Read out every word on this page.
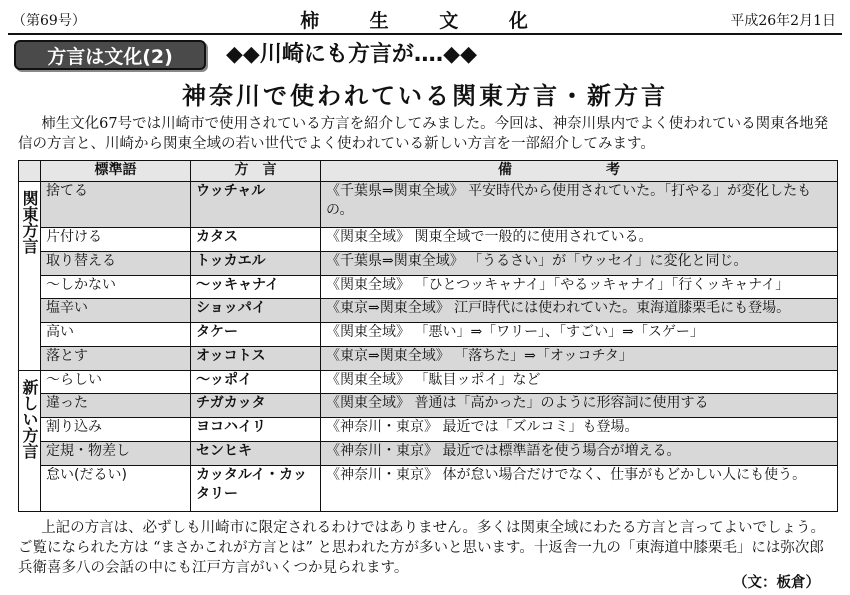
（第69号）	柿 生 文 化	平成26年2月1日
方言は文化(2)	◆◆川崎にも方言が‥‥◆◆
神奈川で使われている関東方言・新方言
柿生文化67号では川崎市で使用されている方言を紹介してみました。今回は、神奈川県内でよく使われている関東各地発信の方言と、川崎から関東全域の若い世代でよく使われている新しい方言を一部紹介してみます。
	標準語	方　言	備　考
関東方言	捨てる	ウッチャル	《千葉県⇒関東全域》 平安時代から使用されていた。「打やる」が変化したもの。
	片付ける	カタス	《関東全域》 関東全域で一般的に使用されている。
	取り替える	トッカエル	《千葉県⇒関東全域》 「うるさい」が「ウッセイ」に変化と同じ。
	～しかない	～ッキャナイ	《関東全域》 「ひとつッキャナイ」「やるッキャナイ」「行くッキャナイ」
	塩辛い	ショッパイ	《東京⇒関東全域》 江戸時代には使われていた。東海道膝栗毛にも登場。
	高い	タケー	《関東全域》 「悪い」⇒「ワリー」、「すごい」⇒「スゲー」
	落とす	オッコトス	《東京⇒関東全域》 「落ちた」⇒「オッコチタ」
新しい方言	～らしい	～ッポイ	《関東全域》 「駄目ッポイ」など
	違った	チガカッタ	《関東全域》 普通は「高かった」のように形容詞に使用する
	割り込み	ヨコハイリ	《神奈川・東京》 最近では「ズルコミ」も登場。
	定規・物差し	センヒキ	《神奈川・東京》 最近では標準語を使う場合が増える。
	怠い(だるい)	カッタルイ・カッタリー	《神奈川・東京》 体が怠い場合だけでなく、仕事がもどかしい人にも使う。
上記の方言は、必ずしも川崎市に限定されるわけではありません。多くは関東全域にわたる方言と言ってよいでしょう。ご覧になられた方は “まさかこれが方言とは” と思われた方が多いと思います。十返舎一九の「東海道中膝栗毛」には弥次郎兵衛喜多八の会話の中にも江戸方言がいくつか見られます。
（文：板倉）
